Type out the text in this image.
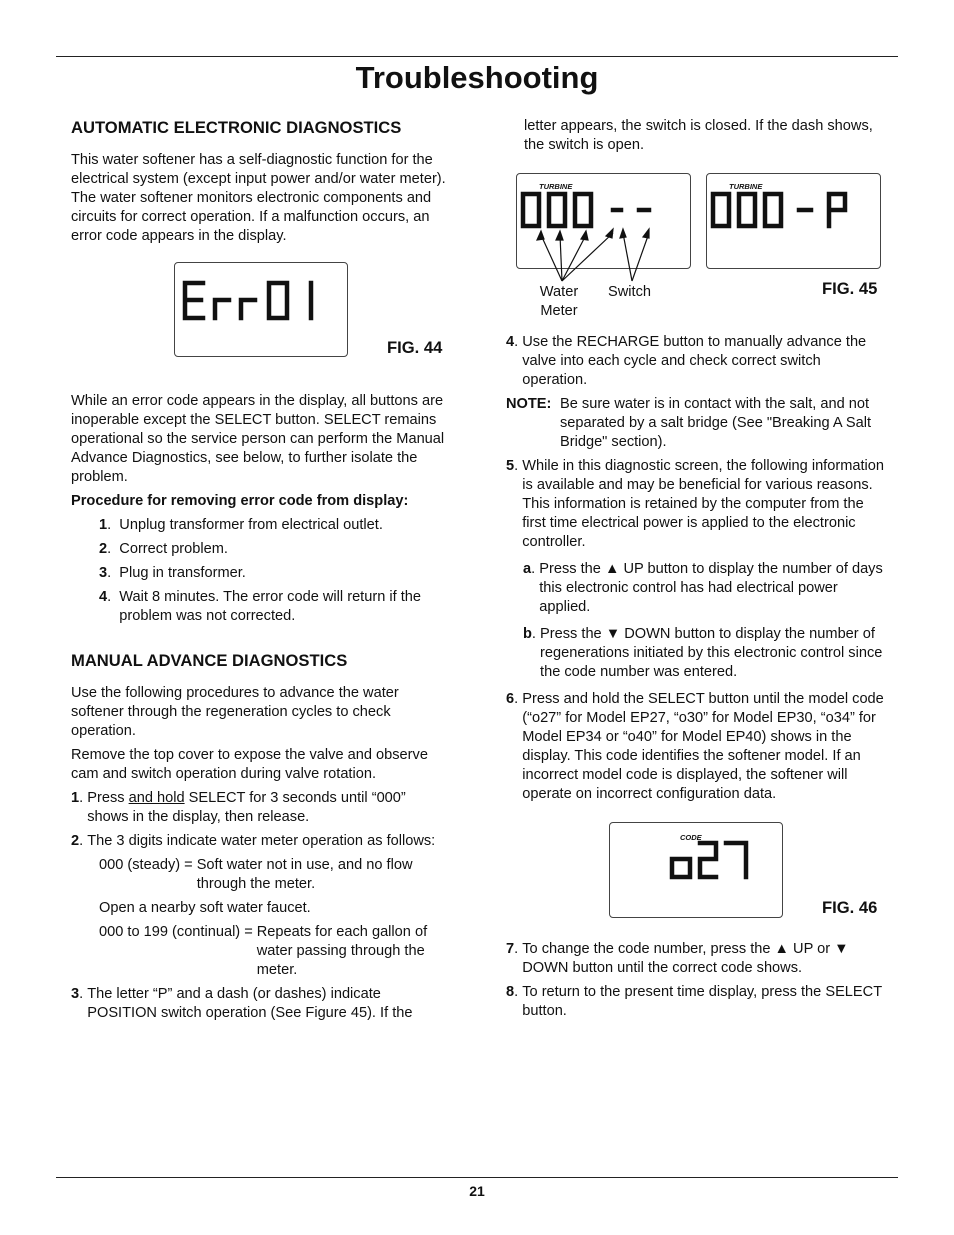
Troubleshooting
AUTOMATIC ELECTRONIC DIAGNOSTICS

This water softener has a self-diagnostic function for the electrical system (except input power and/or water meter). The water softener monitors electronic components and circuits for correct operation. If a malfunction occurs, an error code appears in the display.

FIG. 44

While an error code appears in the display, all buttons are inoperable except the SELECT button. SELECT remains operational so the service person can perform the Manual Advance Diagnostics, see below, to further isolate the problem.

Procedure for removing error code from display:

1 . Unplug transformer from electrical outlet.
2 . Correct problem.
3 . Plug in transformer.
4 . Wait 8 minutes. The error code will return if the problem was not corrected.
MANUAL ADVANCE DIAGNOSTICS

Use the following procedures to advance the water softener through the regeneration cycles to check operation.

Remove the top cover to expose the valve and observe cam and switch operation during valve rotation.

1 . Press and hold SELECT for 3 seconds until “000” shows in the display, then release.
2 . The 3 digits indicate water meter operation as follows:
000 (steady) = Soft water not in use, and no flow through the meter.

Open a nearby soft water faucet.

000 to 199 (continual) = Repeats for each gallon of water passing through the meter.
3 . The letter “P” and a dash (or dashes) indicate POSITION switch operation (See Figure 45). If the

letter appears, the switch is closed. If the dash shows, the switch is open.

TURBINE	TURBINE
Water Meter
Switch	FIG. 45
4 . Use the RECHARGE button to manually advance the valve into each cycle and check correct switch operation.
NOTE: Be sure water is in contact with the salt, and not separated by a salt bridge (See "Breaking A Salt Bridge" section).
5 . While in this diagnostic screen, the following information is available and may be beneficial for various reasons. This information is retained by the computer from the first time electrical power is applied to the electronic controller.
a . Press the ▲ UP button to display the number of days this electronic control has had electrical power applied.
b . Press the ▼ DOWN button to display the number of regenerations initiated by this electronic control since the code number was entered.
6 . Press and hold the SELECT button until the model code (“o27” for Model EP27, “o30” for Model EP30, “o34” for Model EP34 or “o40” for Model EP40) shows in the display. This code identifies the softener model. If an incorrect model code is displayed, the softener will operate on incorrect configuration data.
CODE
FIG. 46
7 . To change the code number, press the ▲ UP or ▼ DOWN button until the correct code shows.
8 . To return to the present time display, press the SELECT button.
21
